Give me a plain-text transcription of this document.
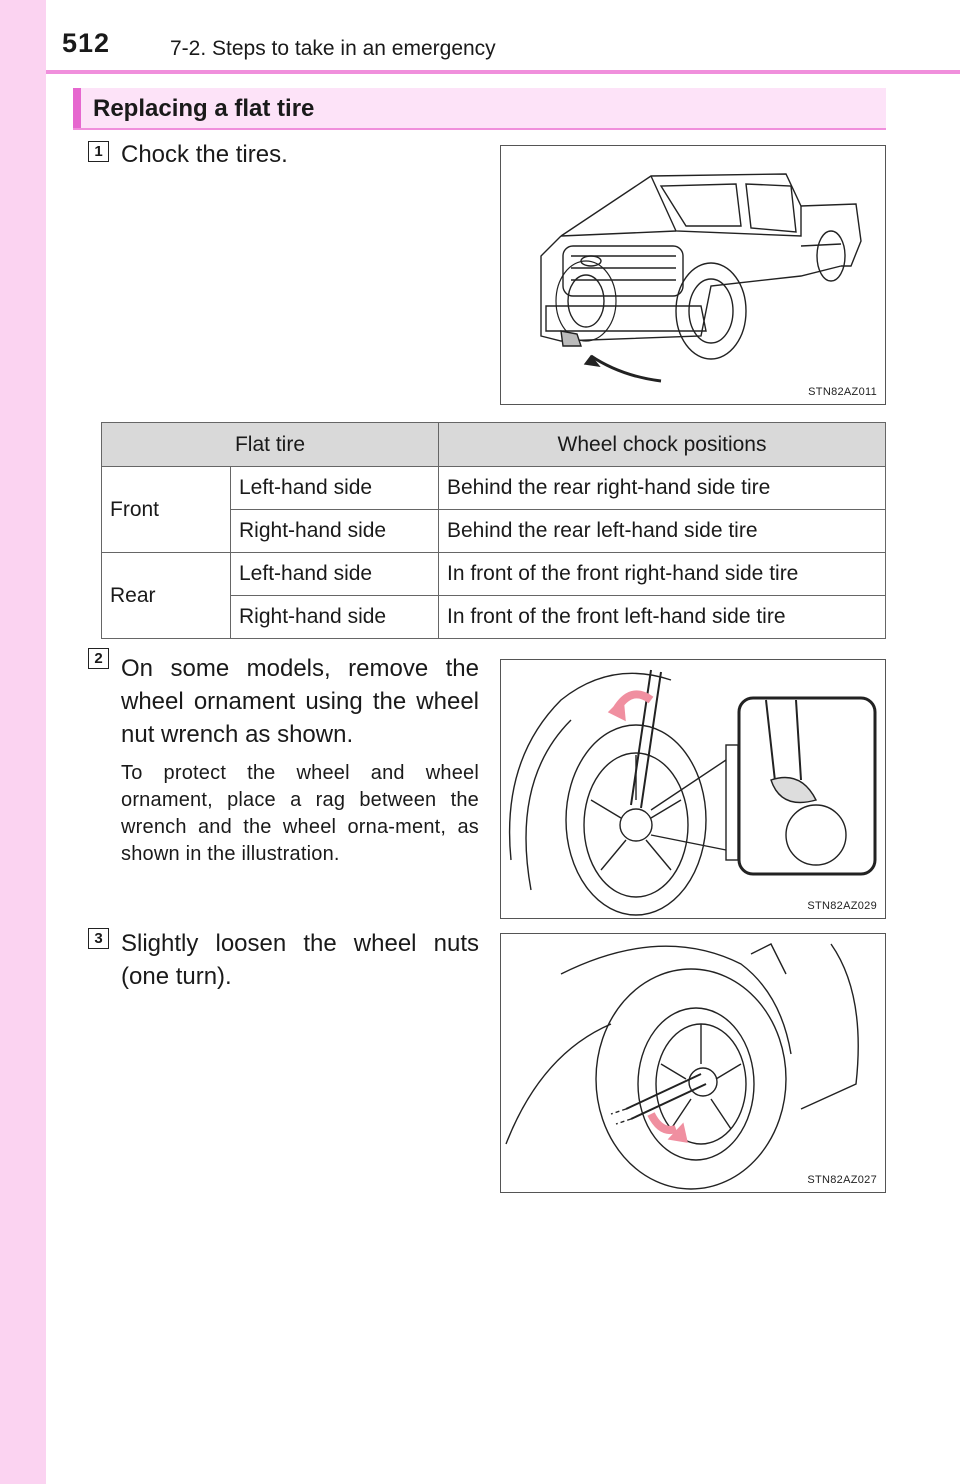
512	7-2. Steps to take in an emergency
Replacing a flat tire
1 Chock the tires.
STN82AZ011
Flat tire		Wheel chock positions
Front	Left-hand side	Behind the rear right-hand side tire
	Right-hand side	Behind the rear left-hand side tire
Rear	Left-hand side	In front of the front right-hand side tire
	Right-hand side	In front of the front left-hand side tire
2 On some models, remove the wheel ornament using the wheel nut wrench as shown.
To protect the wheel and wheel ornament, place a rag between the wrench and the wheel orna-ment, as shown in the illustration.
STN82AZ029
3 Slightly loosen the wheel nuts (one turn).
STN82AZ027
